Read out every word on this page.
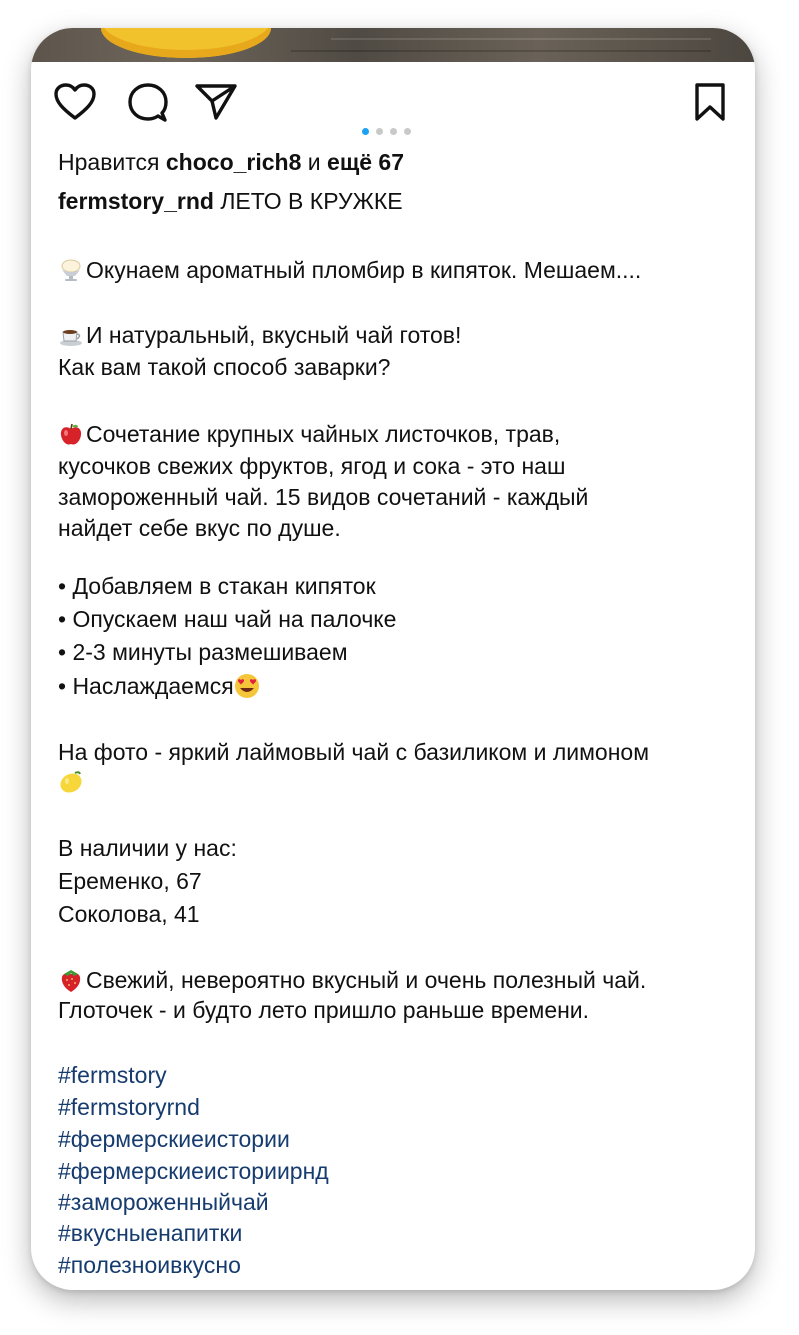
Нравится choco_rich8 и ещё 67
fermstory_rnd ЛЕТО В КРУЖКЕ
Окунаем ароматный пломбир в кипяток. Мешаем....
И натуральный, вкусный чай готов!
Как вам такой способ заварки?
Сочетание крупных чайных листочков, трав,
кусочков свежих фруктов, ягод и сока - это наш
замороженный чай. 15 видов сочетаний - каждый
найдет себе вкус по душе.
• Добавляем в стакан кипяток
• Опускаем наш чай на палочке
• 2-3 минуты размешиваем
• Наслаждаемся
На фото - яркий лаймовый чай с базиликом и лимоном
В наличии у нас:
Еременко, 67
Соколова, 41
Свежий, невероятно вкусный и очень полезный чай.
Глоточек - и будто лето пришло раньше времени.
#fermstory
#fermstoryrnd
#фермерскиеистории
#фермерскиеисториирнд
#замороженныйчай
#вкусныенапитки
#полезноивкусно
